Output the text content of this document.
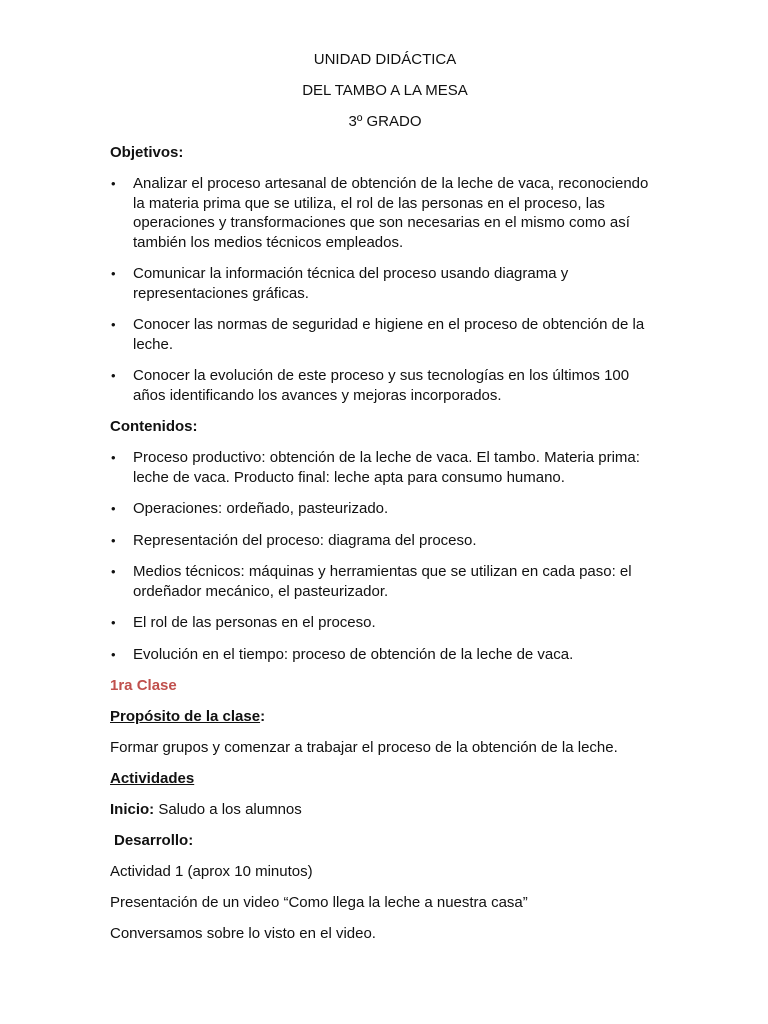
UNIDAD DIDÁCTICA
DEL TAMBO A LA MESA
3º GRADO
Objetivos:
• Analizar el proceso artesanal de obtención de la leche de vaca, reconociendo la materia prima que se utiliza, el rol de las personas en el proceso, las operaciones y transformaciones que son necesarias en el mismo como así también los medios técnicos empleados.
• Comunicar la información técnica del proceso usando diagrama y representaciones gráficas.
• Conocer las normas de seguridad e higiene en el proceso de obtención de la leche.
• Conocer la evolución de este proceso y sus tecnologías en los últimos 100 años identificando los avances y mejoras incorporados.
Contenidos:
• Proceso productivo: obtención de la leche de vaca. El tambo. Materia prima: leche de vaca. Producto final: leche apta para consumo humano.
• Operaciones: ordeñado, pasteurizado.
• Representación del proceso: diagrama del proceso.
• Medios técnicos: máquinas y herramientas que se utilizan en cada paso: el ordeñador mecánico, el pasteurizador.
• El rol de las personas en el proceso.
• Evolución en el tiempo: proceso de obtención de la leche de vaca.
1ra Clase
Propósito de la clase:
Formar grupos y comenzar a trabajar el proceso de la obtención de la leche.
Actividades
Inicio: Saludo a los alumnos
Desarrollo:
Actividad 1 (aprox 10 minutos)
Presentación de un video “Como llega la leche a nuestra casa”
Conversamos sobre lo visto en el video.
